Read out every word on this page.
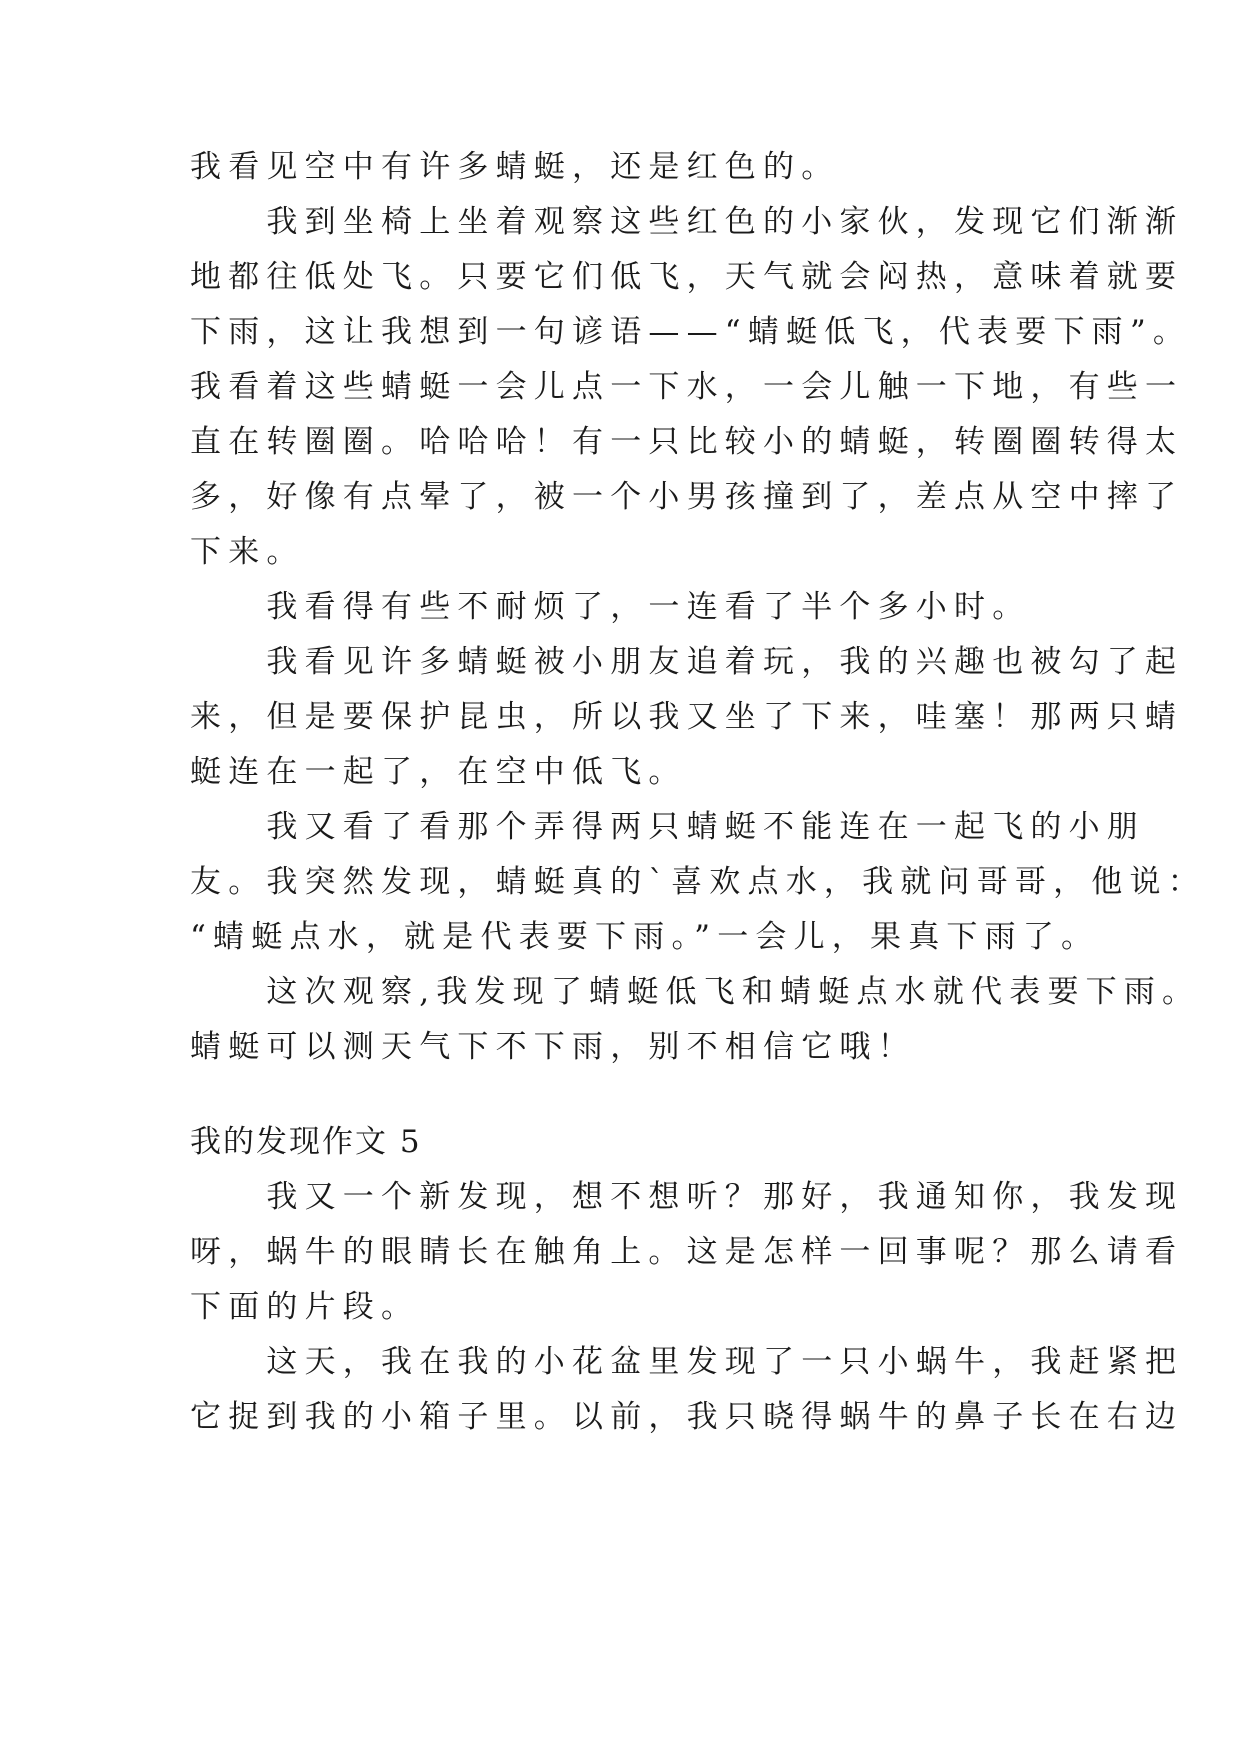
我看见空中有许多蜻蜓，还是红色的。
　　我到坐椅上坐着观察这些红色的小家伙，发现它们渐渐
地都往低处飞。只要它们低飞，天气就会闷热，意味着就要
下雨，这让我想到一句谚语——“蜻蜓低飞，代表要下雨”。
我看着这些蜻蜓一会儿点一下水，一会儿触一下地，有些一
直在转圈圈。哈哈哈！有一只比较小的蜻蜓，转圈圈转得太
多，好像有点晕了，被一个小男孩撞到了，差点从空中摔了
下来。
　　我看得有些不耐烦了，一连看了半个多小时。
　　我看见许多蜻蜓被小朋友追着玩，我的兴趣也被勾了起
来，但是要保护昆虫，所以我又坐了下来，哇塞！那两只蜻
蜓连在一起了，在空中低飞。
　　我又看了看那个弄得两只蜻蜓不能连在一起飞的小朋
友。我突然发现，蜻蜓真的`喜欢点水，我就问哥哥，他说：
“蜻蜓点水，就是代表要下雨。”一会儿，果真下雨了。
　　这次观察,我发现了蜻蜓低飞和蜻蜓点水就代表要下雨。
蜻蜓可以测天气下不下雨，别不相信它哦！
我的发现作文 5
　　我又一个新发现，想不想听？那好，我通知你，我发现
呀，蜗牛的眼睛长在触角上。这是怎样一回事呢？那么请看
下面的片段。
　　这天，我在我的小花盆里发现了一只小蜗牛，我赶紧把
它捉到我的小箱子里。以前，我只晓得蜗牛的鼻子长在右边
